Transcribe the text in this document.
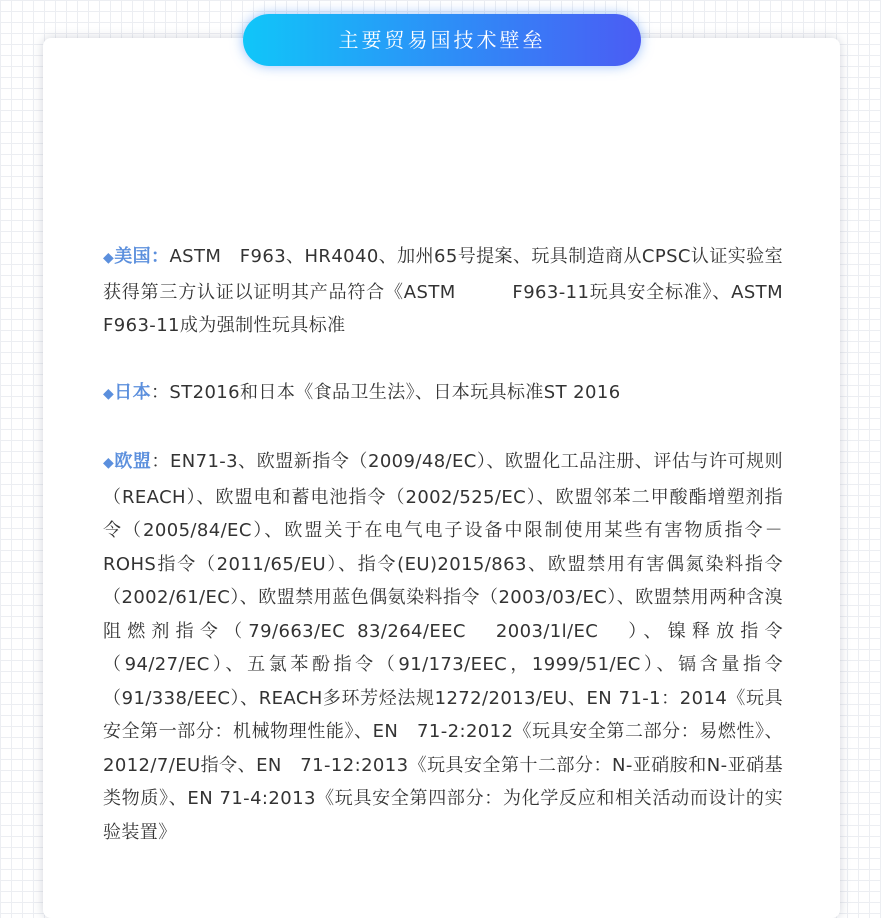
主要贸易国技术壁垒

◆美国：ASTM　F963、HR4040、加州65号提案、玩具制造商从CPSC认证实验室获得第三方认证以证明其产品符合《ASTM　　　F963-11玩具安全标准》、ASTM F963-11成为强制性玩具标准

◆日本：ST2016和日本《食品卫生法》、日本玩具标准ST 2016

◆欧盟：EN71-3、欧盟新指令（2009/48/EC）、欧盟化工品注册、评估与许可规则（REACH）、欧盟电和蓄电池指令（2002/525/EC）、欧盟邻苯二甲酸酯增塑剂指令（2005/84/EC）、欧盟关于在电气电子设备中限制使用某些有害物质指令－ROHS指令（2011/65/EU）、指令(EU)2015/863、欧盟禁用有害偶氮染料指令（2002/61/EC）、欧盟禁用蓝色偶氨染料指令（2003/03/EC）、欧盟禁用两种含溴阻燃剂指令（79/663/EC 83/264/EEC　2003/1l/EC　）、镍释放指令（94/27/EC）、五氯苯酚指令（91/173/EEC，1999/51/EC）、镉含量指令（91/338/EEC）、REACH多环芳烃法规1272/2013/EU、EN 71-1：2014《玩具安全第一部分：机械物理性能》、EN　71-2:2012《玩具安全第二部分：易燃性》、2012/7/EU指令、EN　71-12:2013《玩具安全第十二部分：N-亚硝胺和N-亚硝基类物质》、EN 71-4:2013《玩具安全第四部分：为化学反应和相关活动而设计的实验装置》
